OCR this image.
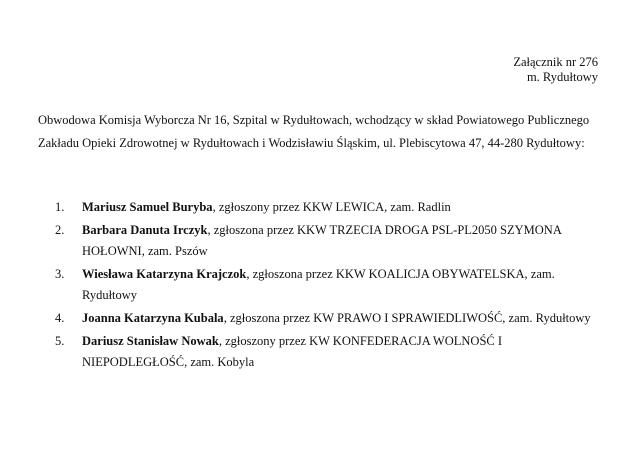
Załącznik nr 276
m. Rydułtowy
Obwodowa Komisja Wyborcza Nr 16, Szpital w Rydułtowach, wchodzący w skład Powiatowego Publicznego Zakładu Opieki Zdrowotnej w Rydułtowach i Wodzisławiu Śląskim, ul. Plebiscytowa 47, 44-280 Rydułtowy:
1.	Mariusz Samuel Buryba, zgłoszony przez KKW LEWICA, zam. Radlin
2.	Barbara Danuta Irczyk, zgłoszona przez KKW TRZECIA DROGA PSL-PL2050 SZYMONA HOŁOWNI, zam. Pszów
3.	Wiesława Katarzyna Krajczok, zgłoszona przez KKW KOALICJA OBYWATELSKA, zam. Rydułtowy
4.	Joanna Katarzyna Kubala, zgłoszona przez KW PRAWO I SPRAWIEDLIWOŚĆ, zam. Rydułtowy
5.	Dariusz Stanisław Nowak, zgłoszony przez KW KONFEDERACJA WOLNOŚĆ I NIEPODLEGŁOŚĆ, zam. Kobyla
